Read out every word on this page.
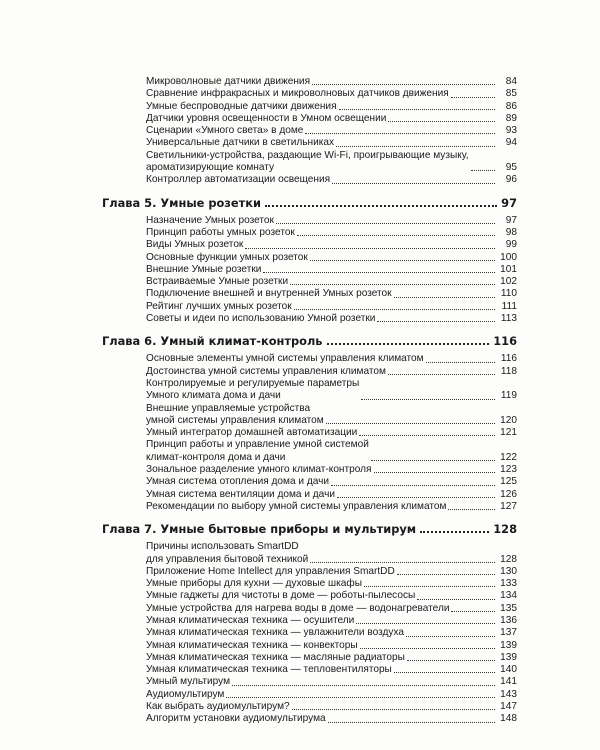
Микроволновые датчики движения	84
Сравнение инфракрасных и микроволновых датчиков движения	85
Умные беспроводные датчики движения	86
Датчики уровня освещенности в Умном освещении	89
Сценарии «Умного света» в доме	93
Универсальные датчики в светильниках	94
Светильники-устройства, раздающие Wi-Fi, проигрывающие музыку,
ароматизирующие комнату	95
Контроллер автоматизации освещения	96
Глава 5. Умные розетки	97
Назначение Умных розеток	97
Принцип работы умных розеток	98
Виды Умных розеток	99
Основные функции умных розеток	100
Внешние Умные розетки	101
Встраиваемые Умные розетки	102
Подключение внешней и внутренней Умных розеток	110
Рейтинг лучших умных розеток	111
Советы и идеи по использованию Умной розетки	113
Глава 6. Умный климат-контроль	116
Основные элементы умной системы управления климатом	116
Достоинства умной системы управления климатом	118
Контролируемые и регулируемые параметры
Умного климата дома и дачи	119
Внешние управляемые устройства
умной системы управления климатом	120
Умный интегратор домашней автоматизации	121
Принцип работы и управление умной системой
климат-контроля дома и дачи	122
Зональное разделение умного климат-контроля	123
Умная система отопления дома и дачи	125
Умная система вентиляции дома и дачи	126
Рекомендации по выбору умной системы управления климатом	127
Глава 7. Умные бытовые приборы и мультирум	128
Причины использовать SmartDD
для управления бытовой техникой	128
Приложение Home Intellect для управления SmartDD	130
Умные приборы для кухни — духовые шкафы	133
Умные гаджеты для чистоты в доме — роботы-пылесосы	134
Умные устройства для нагрева воды в доме — водонагреватели	135
Умная климатическая техника — осушители	136
Умная климатическая техника — увлажнители воздуха	137
Умная климатическая техника — конвекторы	139
Умная климатическая техника — масляные радиаторы	139
Умная климатическая техника — тепловентиляторы	140
Умный мультирум	141
Аудиомультирум	143
Как выбрать аудиомультирум?	147
Алгоритм установки аудиомультирума	148
